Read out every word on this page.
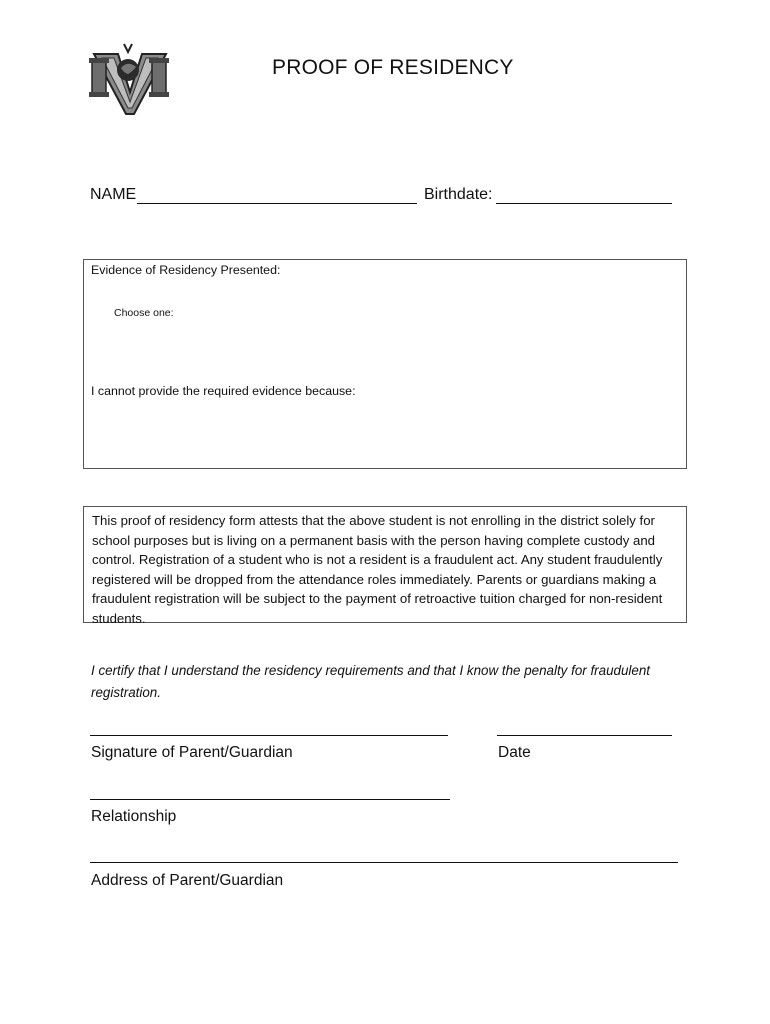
PROOF OF RESIDENCY
NAME	Birthdate:
Evidence of Residency Presented:
Choose one:
I cannot provide the required evidence because:
This proof of residency form attests that the above student is not enrolling in the district solely for school purposes but is living on a permanent basis with the person having complete custody and control. Registration of a student who is not a resident is a fraudulent act. Any student fraudulently registered will be dropped from the attendance roles immediately. Parents or guardians making a fraudulent registration will be subject to the payment of retroactive tuition charged for non-resident students.
I certify that I understand the residency requirements and that I know the penalty for fraudulent registration.
Signature of Parent/Guardian	Date
Relationship
Address of Parent/Guardian
